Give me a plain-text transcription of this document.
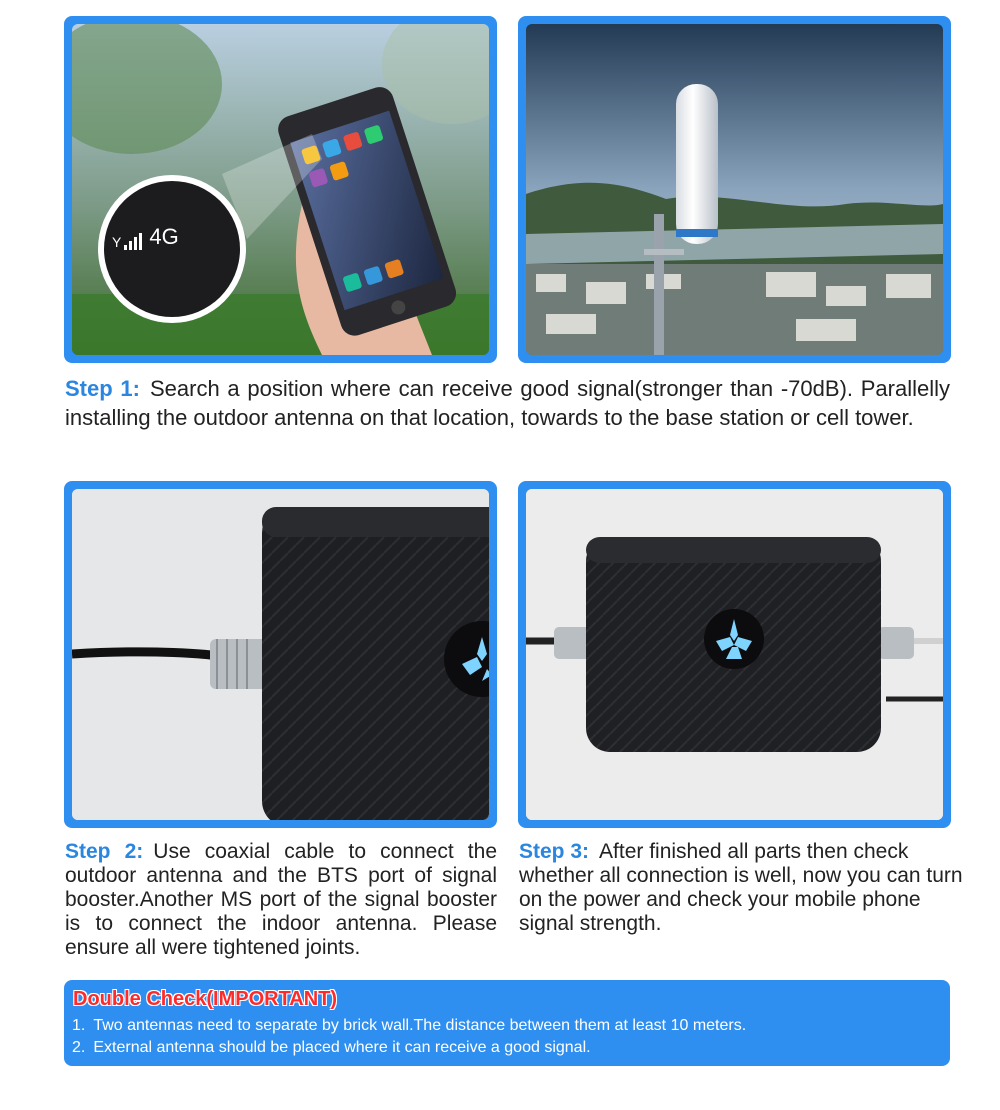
Y 4G
Step 1: Search a position where can receive good signal(stronger than -70dB). Parallelly installing the outdoor antenna on that location, towards to the base station or cell tower.
Step 2: Use coaxial cable to connect the outdoor antenna and the BTS port of signal booster.Another MS port of the signal booster is to connect the indoor antenna. Please ensure all were tightened joints.
Step 3: After finished all parts then check whether all connection is well, now you can turn on the power and check your mobile phone signal strength.
Double Check(IMPORTANT)
1. Two antennas need to separate by brick wall.The distance between them at least 10 meters.
2. External antenna should be placed where it can receive a good signal.
